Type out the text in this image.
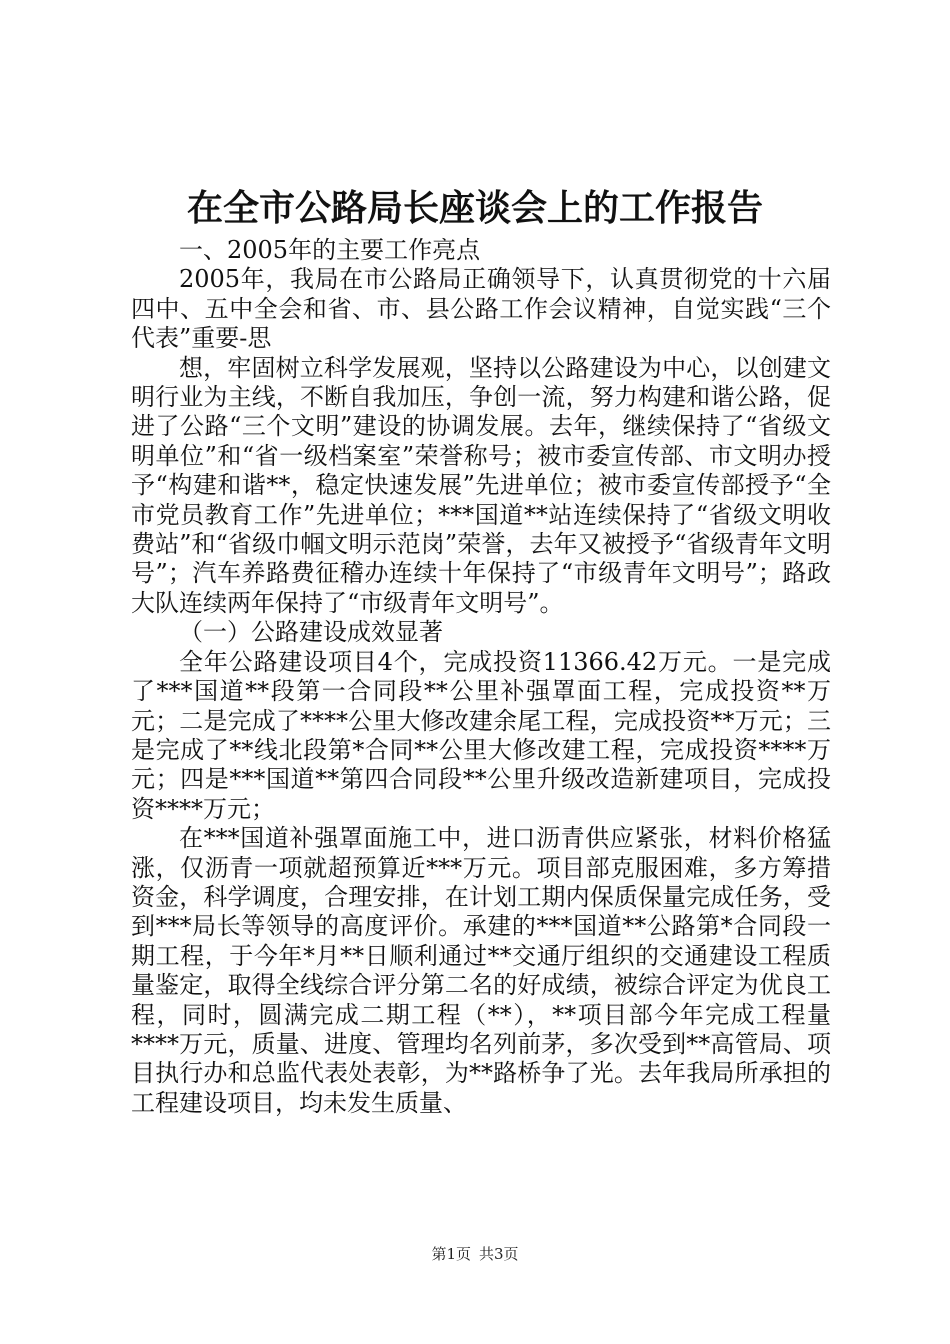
在全市公路局长座谈会上的工作报告

一、2005年的主要工作亮点

2005年，我局在市公路局正确领导下，认真贯彻党的十六届四中、五中全会和省、市、县公路工作会议精神，自觉实践“三个代表”重要-思

想，牢固树立科学发展观，坚持以公路建设为中心，以创建文明行业为主线，不断自我加压，争创一流，努力构建和谐公路，促进了公路“三个文明”建设的协调发展。去年，继续保持了“省级文明单位”和“省一级档案室”荣誉称号；被市委宣传部、市文明办授予“构建和谐**，稳定快速发展”先进单位；被市委宣传部授予“全市党员教育工作”先进单位；***国道**站连续保持了“省级文明收费站”和“省级巾帼文明示范岗”荣誉，去年又被授予“省级青年文明号”；汽车养路费征稽办连续十年保持了“市级青年文明号”；路政大队连续两年保持了“市级青年文明号”。

（一）公路建设成效显著

全年公路建设项目4个，完成投资11366.42万元。一是完成了***国道**段第一合同段**公里补强罩面工程，完成投资**万元；二是完成了****公里大修改建余尾工程，完成投资**万元；三是完成了**线北段第*合同**公里大修改建工程，完成投资****万元；四是***国道**第四合同段**公里升级改造新建项目，完成投资****万元；

在***国道补强罩面施工中，进口沥青供应紧张，材料价格猛涨，仅沥青一项就超预算近***万元。项目部克服困难，多方筹措资金，科学调度，合理安排，在计划工期内保质保量完成任务，受到***局长等领导的高度评价。承建的***国道**公路第*合同段一期工程，于今年*月**日顺利通过**交通厅组织的交通建设工程质量鉴定，取得全线综合评分第二名的好成绩，被综合评定为优良工程，同时，圆满完成二期工程（**），**项目部今年完成工程量****万元，质量、进度、管理均名列前茅，多次受到**高管局、项目执行办和总监代表处表彰，为**路桥争了光。去年我局所承担的工程建设项目，均未发生质量、

第1页 共3页
